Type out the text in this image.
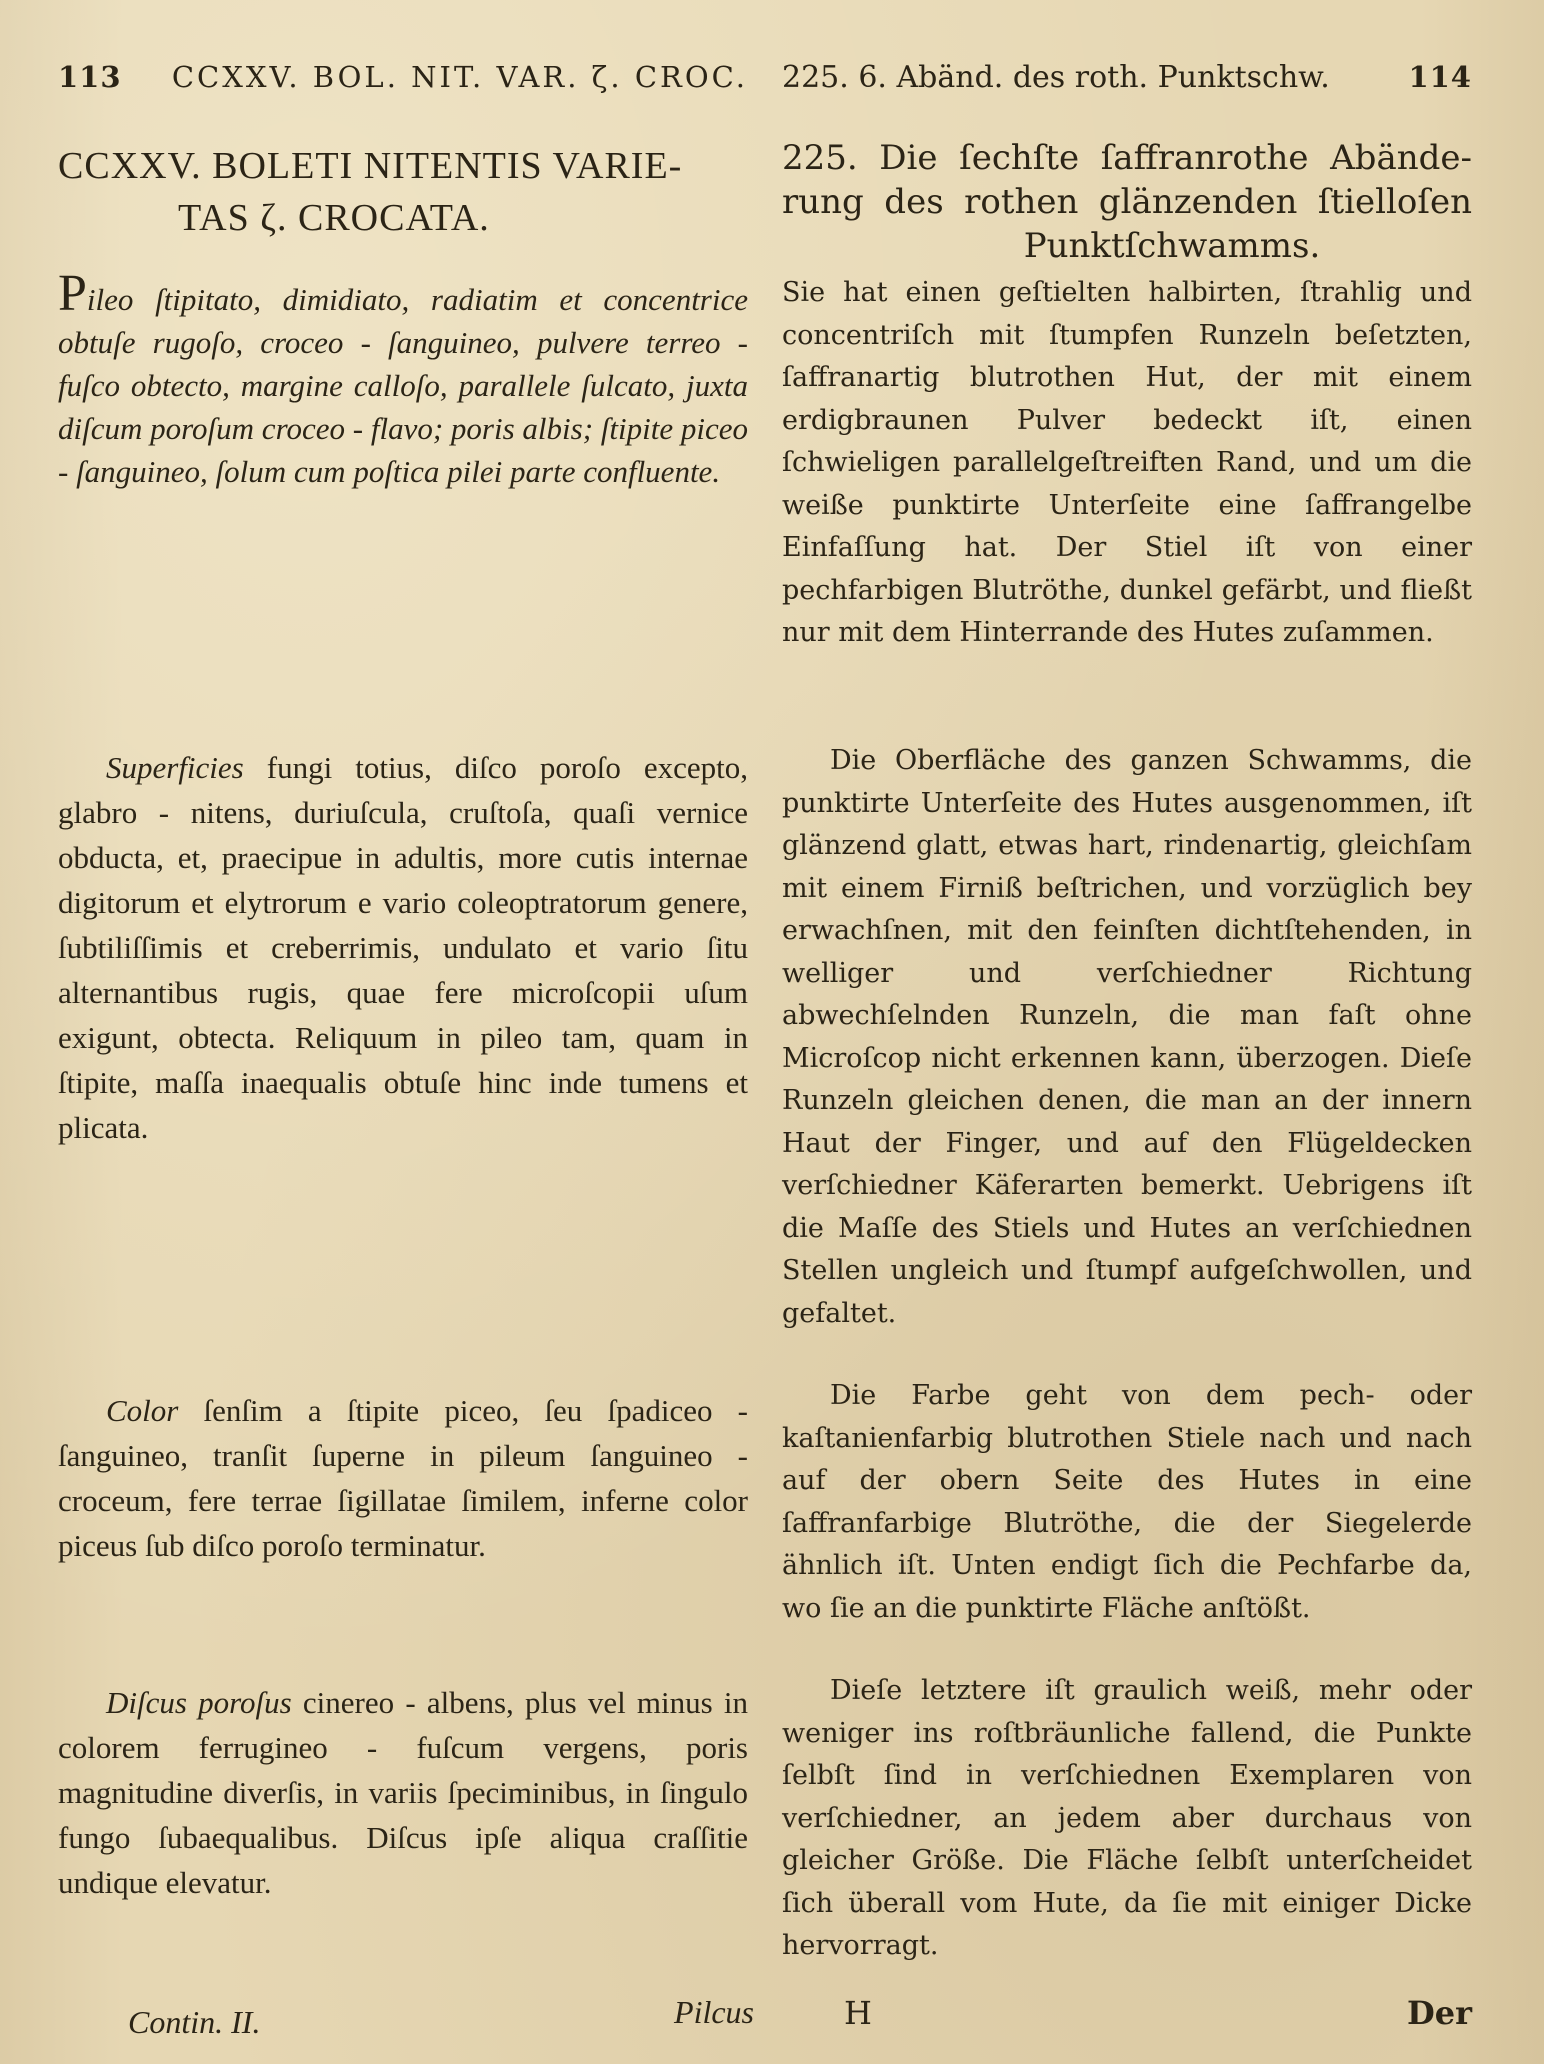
113 CCXXV. BOL. NIT. VAR. ζ. CROC.
CCXXV. BOLETI NITENTIS VARIE-
TAS ζ. CROCATA.

Pileo ſtipitato, dimidiato, radiatim et concentrice obtuſe rugoſo, croceo - ſanguineo, pulvere terreo - fuſco obtecto, margine calloſo, parallele ſulcato, juxta diſcum poroſum croceo - flavo; poris albis; ſtipite piceo - ſanguineo, ſolum cum poſtica pilei parte confluente.

Superficies fungi totius, diſco poroſo excepto, glabro - nitens, duriuſcula, cruſtoſa, quaſi vernice obducta, et, praecipue in adultis, more cutis internae digitorum et elytrorum e vario coleoptratorum genere, ſubtiliſſimis et creberrimis, undulato et vario ſitu alternantibus rugis, quae fere microſcopii uſum exigunt, obtecta. Reliquum in pileo tam, quam in ſtipite, maſſa inaequalis obtuſe hinc inde tumens et plicata.

Color ſenſim a ſtipite piceo, ſeu ſpadiceo - ſanguineo, tranſit ſuperne in pileum ſanguineo - croceum, fere terrae ſigillatae ſimilem, inferne color piceus ſub diſco poroſo terminatur.

Diſcus poroſus cinereo - albens, plus vel minus in colorem ferrugineo - fuſcum vergens, poris magnitudine diverſis, in variis ſpeciminibus, in ſingulo fungo ſubaequalibus. Diſcus ipſe aliqua craſſitie undique elevatur.

Contin. II.	Pilcus
225. 6. Abänd. des roth. Punktschw.	114
225. Die ſechſte ſaffranrothe Abände-
rung des rothen glänzenden ſtielloſen
Punktſchwamms.

Sie hat einen geſtielten halbirten, ſtrahlig und concentriſch mit ſtumpfen Runzeln beſetzten, ſaffranartig blutrothen Hut, der mit einem erdigbraunen Pulver bedeckt iſt, einen ſchwieligen parallelgeſtreiften Rand, und um die weiße punktirte Unterſeite eine ſaffrangelbe Einfaſſung hat. Der Stiel iſt von einer pechfarbigen Blutröthe, dunkel gefärbt, und fließt nur mit dem Hinterrande des Hutes zuſammen.

Die Oberfläche des ganzen Schwamms, die punktirte Unterſeite des Hutes ausgenommen, iſt glänzend glatt, etwas hart, rindenartig, gleichſam mit einem Firniß beſtrichen, und vorzüglich bey erwachſnen, mit den feinſten dichtſtehenden, in welliger und verſchiedner Richtung abwechſelnden Runzeln, die man faſt ohne Microſcop nicht erkennen kann, überzogen. Dieſe Runzeln gleichen denen, die man an der innern Haut der Finger, und auf den Flügeldecken verſchiedner Käferarten bemerkt. Uebrigens iſt die Maſſe des Stiels und Hutes an verſchiednen Stellen ungleich und ſtumpf aufgeſchwollen, und gefaltet.

Die Farbe geht von dem pech- oder kaſtanienfarbig blutrothen Stiele nach und nach auf der obern Seite des Hutes in eine ſaffranfarbige Blutröthe, die der Siegelerde ähnlich iſt. Unten endigt ſich die Pechfarbe da, wo ſie an die punktirte Fläche anſtößt.

Dieſe letztere iſt graulich weiß, mehr oder weniger ins roſtbräunliche fallend, die Punkte ſelbſt ſind in verſchiednen Exemplaren von verſchiedner, an jedem aber durchaus von gleicher Größe. Die Fläche ſelbſt unterſcheidet ſich überall vom Hute, da ſie mit einiger Dicke hervorragt.

H	Der
